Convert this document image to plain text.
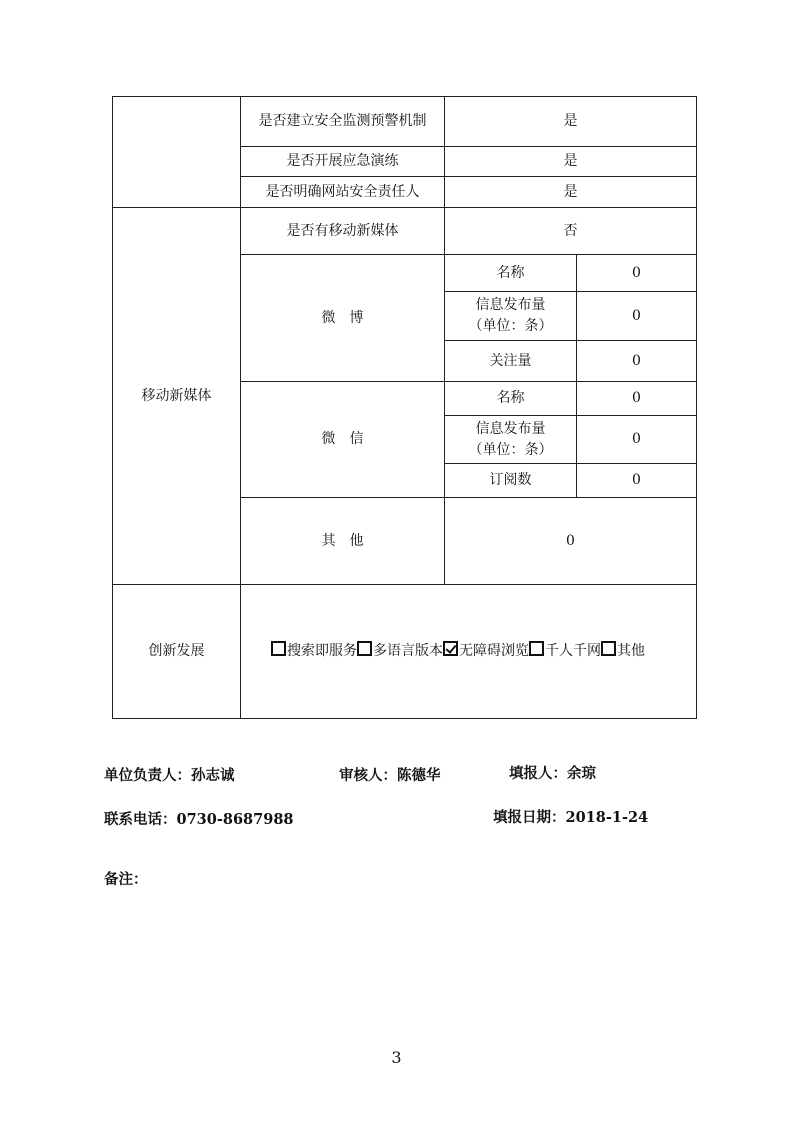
	是否建立安全监测预警机制	是	
	是否开展应急演练	是	
	是否明确网站安全责任人	是	
移动新媒体	是否有移动新媒体	否	
	微　博	名称	0

		信息发布量
（单位：条）	0
		关注量	0
	微　信	名称	0

		信息发布量
（单位：条）	0
		订阅数	0
	其　他	0	
创新发展	搜索即服务 多语言版本 无障碍浏览 千人千网 其他		
单位负责人：孙志诚	审核人：陈德华	填报人：余琼
联系电话：0730-8687988	填报日期：2018-1-24
备注：
3
